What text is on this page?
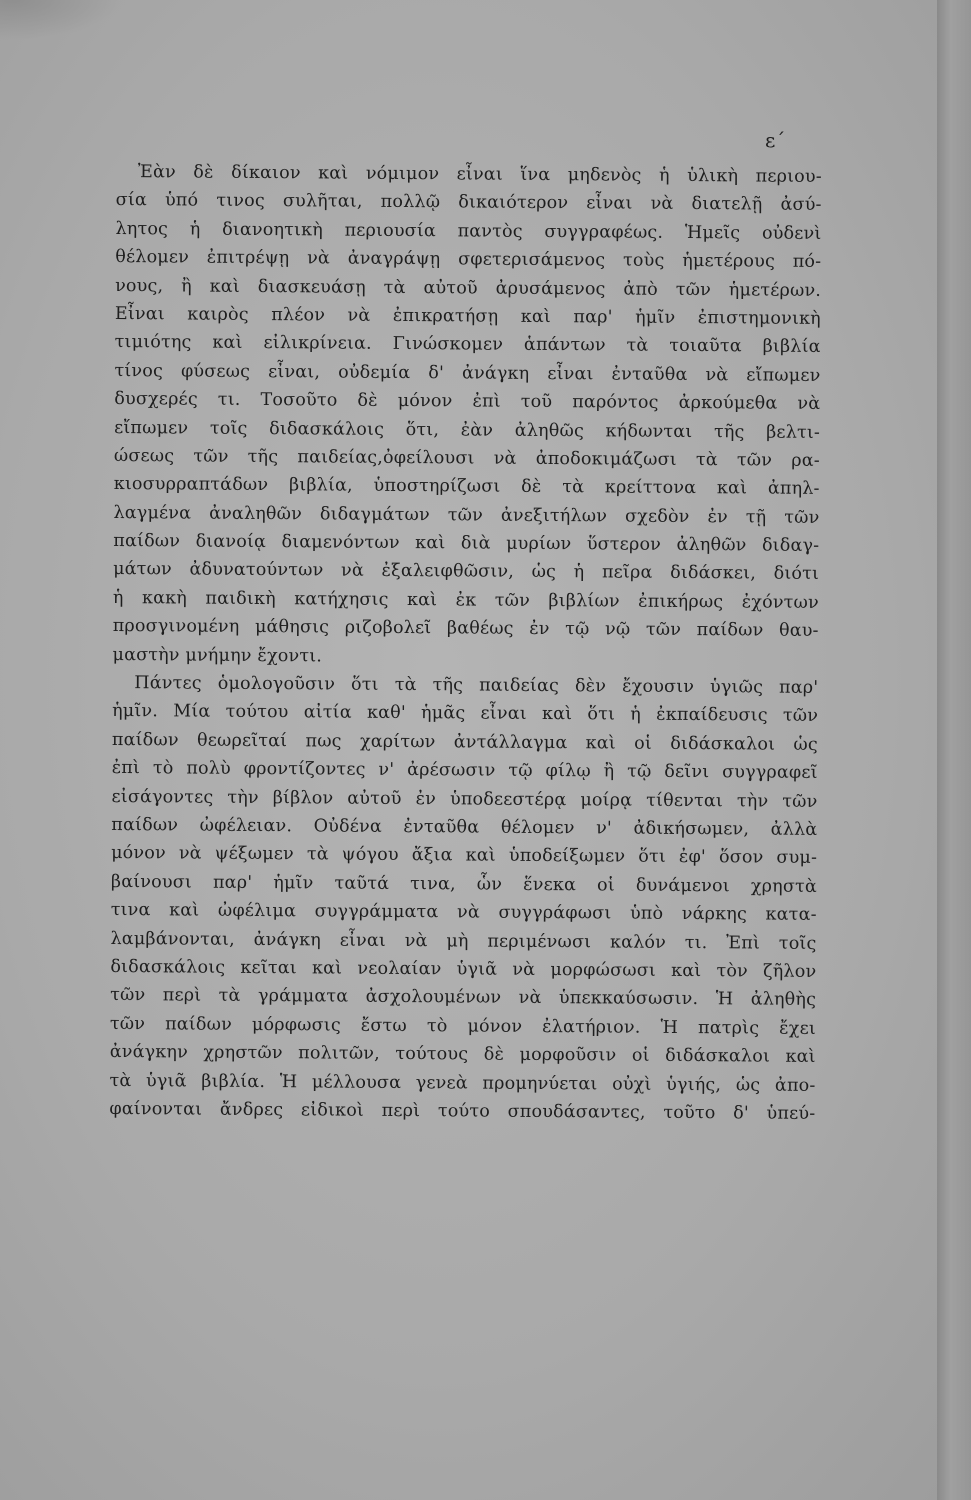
ε΄
Ἐὰν δὲ δίκαιον καὶ νόμιμον εἶναι ἵνα μηδενὸς ἡ ὑλικὴ περιου-
σία ὑπό τινος συλῆται, πολλῷ δικαιότερον εἶναι νὰ διατελῇ ἀσύ-
λητος ἡ διανοητικὴ περιουσία παντὸς συγγραφέως. Ἡμεῖς οὐδενὶ
θέλομεν ἐπιτρέψῃ νὰ ἀναγράψῃ σφετερισάμενος τοὺς ἡμετέρους πό-
νους, ἢ καὶ διασκευάσῃ τὰ αὐτοῦ ἀρυσάμενος ἀπὸ τῶν ἡμετέρων.
Εἶναι καιρὸς πλέον νὰ ἐπικρατήσῃ καὶ παρ' ἡμῖν ἐπιστημονικὴ
τιμιότης καὶ εἰλικρίνεια. Γινώσκομεν ἁπάντων τὰ τοιαῦτα βιβλία
τίνος φύσεως εἶναι, οὐδεμία δ' ἀνάγκη εἶναι ἐνταῦθα νὰ εἴπωμεν
δυσχερές τι. Τοσοῦτο δὲ μόνον ἐπὶ τοῦ παρόντος ἀρκούμεθα νὰ
εἴπωμεν τοῖς διδασκάλοις ὅτι, ἐὰν ἀληθῶς κήδωνται τῆς βελτι-
ώσεως τῶν τῆς παιδείας,ὀφείλουσι νὰ ἀποδοκιμάζωσι τὰ τῶν ρα-
κιοσυρραπτάδων βιβλία, ὑποστηρίζωσι δὲ τὰ κρείττονα καὶ ἀπηλ-
λαγμένα ἀναληθῶν διδαγμάτων τῶν ἀνεξιτήλων σχεδὸν ἐν τῇ τῶν
παίδων διανοίᾳ διαμενόντων καὶ διὰ μυρίων ὕστερον ἀληθῶν διδαγ-
μάτων ἀδυνατούντων νὰ ἐξαλειφθῶσιν, ὡς ἡ πεῖρα διδάσκει, διότι
ἡ κακὴ παιδικὴ κατήχησις καὶ ἐκ τῶν βιβλίων ἐπικήρως ἐχόντων
προσγινομένη μάθησις ριζοβολεῖ βαθέως ἐν τῷ νῷ τῶν παίδων θαυ-
μαστὴν μνήμην ἔχοντι.
Πάντες ὁμολογοῦσιν ὅτι τὰ τῆς παιδείας δὲν ἔχουσιν ὑγιῶς παρ'
ἡμῖν. Μία τούτου αἰτία καθ' ἡμᾶς εἶναι καὶ ὅτι ἡ ἐκπαίδευσις τῶν
παίδων θεωρεῖταί πως χαρίτων ἀντάλλαγμα καὶ οἱ διδάσκαλοι ὡς
ἐπὶ τὸ πολὺ φροντίζοντες ν' ἀρέσωσιν τῷ φίλῳ ἢ τῷ δεῖνι συγγραφεῖ
εἰσάγοντες τὴν βίβλον αὐτοῦ ἐν ὑποδεεστέρᾳ μοίρᾳ τίθενται τὴν τῶν
παίδων ὠφέλειαν. Οὐδένα ἐνταῦθα θέλομεν ν' ἀδικήσωμεν, ἀλλὰ
μόνον νὰ ψέξωμεν τὰ ψόγου ἄξια καὶ ὑποδείξωμεν ὅτι ἐφ' ὅσον συμ-
βαίνουσι παρ' ἡμῖν ταῦτά τινα, ὧν ἕνεκα οἱ δυνάμενοι χρηστὰ
τινα καὶ ὠφέλιμα συγγράμματα νὰ συγγράφωσι ὑπὸ νάρκης κατα-
λαμβάνονται, ἀνάγκη εἶναι νὰ μὴ περιμένωσι καλόν τι. Ἐπὶ τοῖς
διδασκάλοις κεῖται καὶ νεολαίαν ὑγιᾶ νὰ μορφώσωσι καὶ τὸν ζῆλον
τῶν περὶ τὰ γράμματα ἀσχολουμένων νὰ ὑπεκκαύσωσιν. Ἡ ἀληθὴς
τῶν παίδων μόρφωσις ἔστω τὸ μόνον ἐλατήριον. Ἡ πατρὶς ἔχει
ἀνάγκην χρηστῶν πολιτῶν, τούτους δὲ μορφοῦσιν οἱ διδάσκαλοι καὶ
τὰ ὑγιᾶ βιβλία. Ἡ μέλλουσα γενεὰ προμηνύεται οὐχὶ ὑγιής, ὡς ἀπο-
φαίνονται ἄνδρες εἰδικοὶ περὶ τούτο σπουδάσαντες, τοῦτο δ' ὑπεύ-
